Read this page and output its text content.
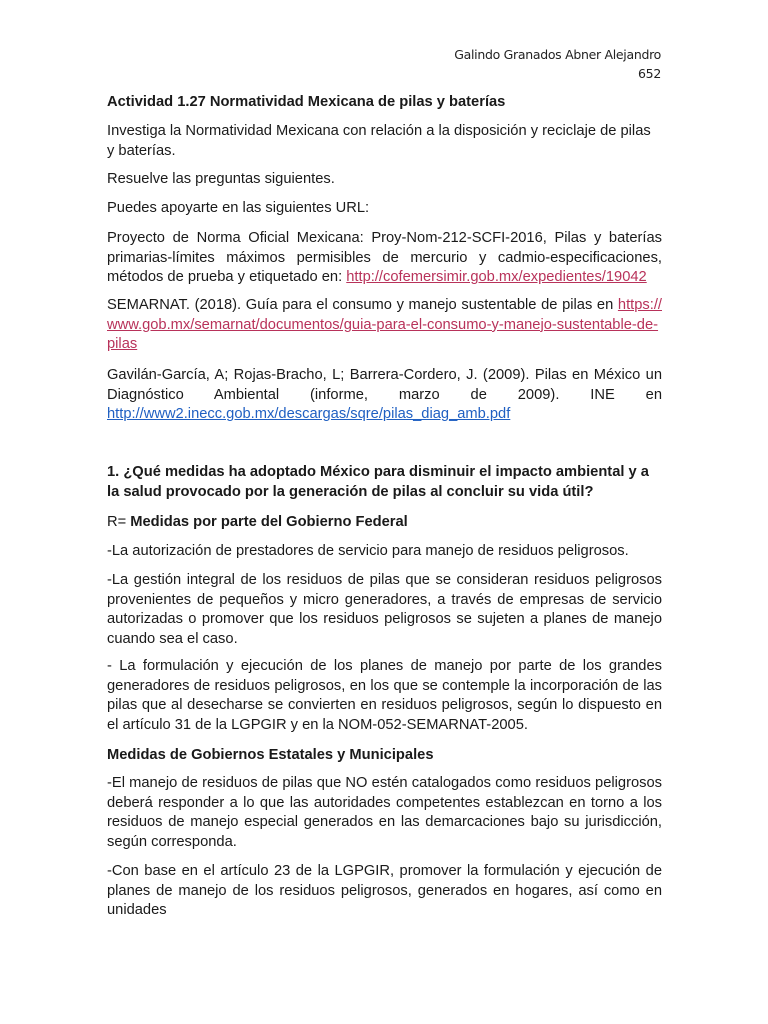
Galindo Granados Abner Alejandro
652
Actividad 1.27 Normatividad Mexicana de pilas y baterías
Investiga la Normatividad Mexicana con relación a la disposición y reciclaje de pilas y baterías.
Resuelve las preguntas siguientes.
Puedes apoyarte en las siguientes URL:
Proyecto de Norma Oficial Mexicana: Proy-Nom-212-SCFI-2016, Pilas y baterías primarias-límites máximos permisibles de mercurio y cadmio-especificaciones, métodos de prueba y etiquetado en: http://cofemersimir.gob.mx/expedientes/19042
SEMARNAT. (2018). Guía para el consumo y manejo sustentable de pilas en https://www.gob.mx/semarnat/documentos/guia-para-el-consumo-y-manejo-sustentable-de-pilas
Gavilán-García, A; Rojas-Bracho, L; Barrera-Cordero, J. (2009). Pilas en México un Diagnóstico Ambiental (informe, marzo de 2009). INE en http://www2.inecc.gob.mx/descargas/sqre/pilas_diag_amb.pdf
1. ¿Qué medidas ha adoptado México para disminuir el impacto ambiental y a la salud provocado por la generación de pilas al concluir su vida útil?
R= Medidas por parte del Gobierno Federal
-La autorización de prestadores de servicio para manejo de residuos peligrosos.
-La gestión integral de los residuos de pilas que se consideran residuos peligrosos provenientes de pequeños y micro generadores, a través de empresas de servicio autorizadas o promover que los residuos peligrosos se sujeten a planes de manejo cuando sea el caso.
- La formulación y ejecución de los planes de manejo por parte de los grandes generadores de residuos peligrosos, en los que se contemple la incorporación de las pilas que al desecharse se convierten en residuos peligrosos, según lo dispuesto en el artículo 31 de la LGPGIR y en la NOM-052-SEMARNAT-2005.
Medidas de Gobiernos Estatales y Municipales
-El manejo de residuos de pilas que NO estén catalogados como residuos peligrosos deberá responder a lo que las autoridades competentes establezcan en torno a los residuos de manejo especial generados en las demarcaciones bajo su jurisdicción, según corresponda.
-Con base en el artículo 23 de la LGPGIR, promover la formulación y ejecución de planes de manejo de los residuos peligrosos, generados en hogares, así como en unidades
